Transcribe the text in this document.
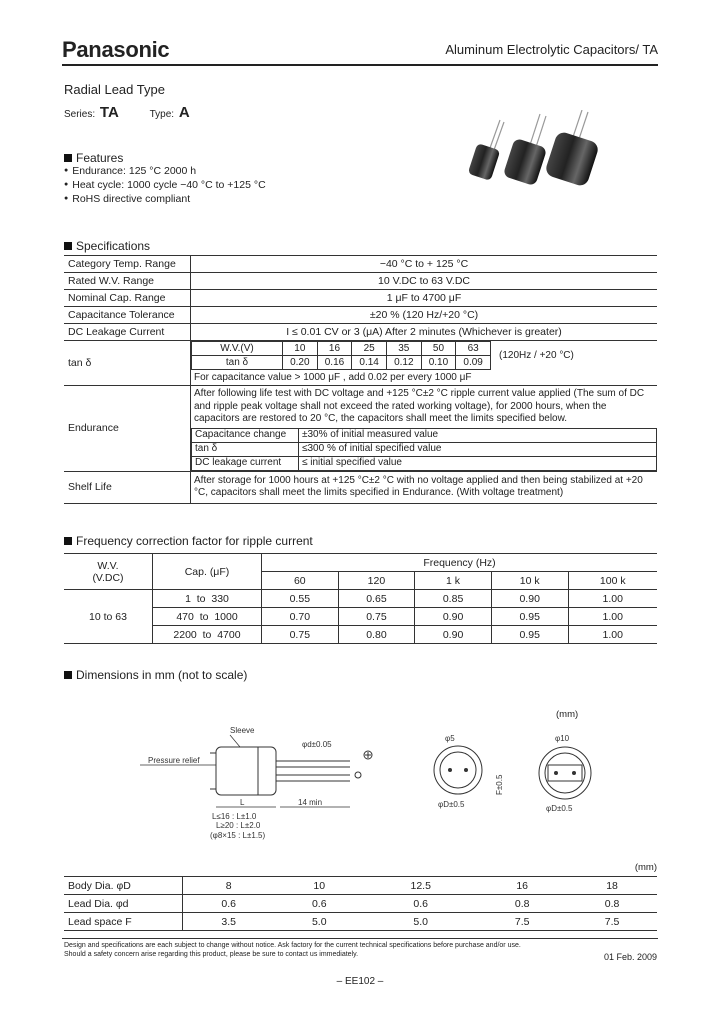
Panasonic	Aluminum Electrolytic Capacitors/ TA
Radial Lead Type
Series: TA	Type: A
Features
● Endurance: 125 °C 2000 h
● Heat cycle: 1000 cycle −40 °C to +125 °C
● RoHS directive compliant
Specifications
Category Temp. Range	−40 °C to + 125 °C
Rated W.V. Range	10 V.DC to 63 V.DC
Nominal Cap. Range	1 μF to 4700 μF
Capacitance Tolerance	±20 % (120 Hz/+20 °C)
DC Leakage Current	I ≤ 0.01 CV or 3 (μA) After 2 minutes (Whichever is greater)
tan δ	
W.V.(V)	10	16	25	35	50	63
tan δ	0.20	0.16	0.14	0.12	0.10	0.09
(120Hz / +20 °C)
For capacitance value > 1000 μF , add 0.02 per every 1000 μF

Endurance	
After following life test with DC voltage and +125 °C±2 °C ripple current value applied (The sum of DC and ripple peak voltage shall not exceed the rated working voltage), for 2000 hours, when the capacitors are restored to 20 °C, the capacitors shall meet the limits specified below.
Capacitance change	±30% of initial measured value
tan δ	≤300 % of initial specified value
DC leakage current	≤ initial specified value

Shelf Life	After storage for 1000 hours at +125 °C±2 °C with no voltage applied and then being stabilized at +20 °C, capacitors shall meet the limits specified in Endurance. (With voltage treatment)
Frequency correction factor for ripple current
W.V.
(V.DC)	Cap. (μF)	Frequency (Hz)				
		60	120	1 k	10 k	100 k
10 to 63	1 to 330	0.55	0.65	0.85	0.90	1.00
	470 to 1000	0.70	0.75	0.90	0.95	1.00
	2200 to 4700	0.75	0.80	0.90	0.95	1.00
Dimensions in mm (not to scale)
(mm)
Sleeve
Pressure relief
φd±0.05
L	14 min
L≤16 : L±1.0
L≥20 : L±2.0
(φ8×15 : L±1.5)
φ5
φD±0.5
F±0.5
φ10
φD±0.5
(mm)
Body Dia. φD	8	10	12.5	16	18
Lead Dia. φd	0.6	0.6	0.6	0.8	0.8
Lead space F	3.5	5.0	5.0	7.5	7.5
Design and specifications are each subject to change without notice. Ask factory for the current technical specifications before purchase and/or use.
Should a safety concern arise regarding this product, please be sure to contact us immediately.	01 Feb. 2009
– EE102 –
